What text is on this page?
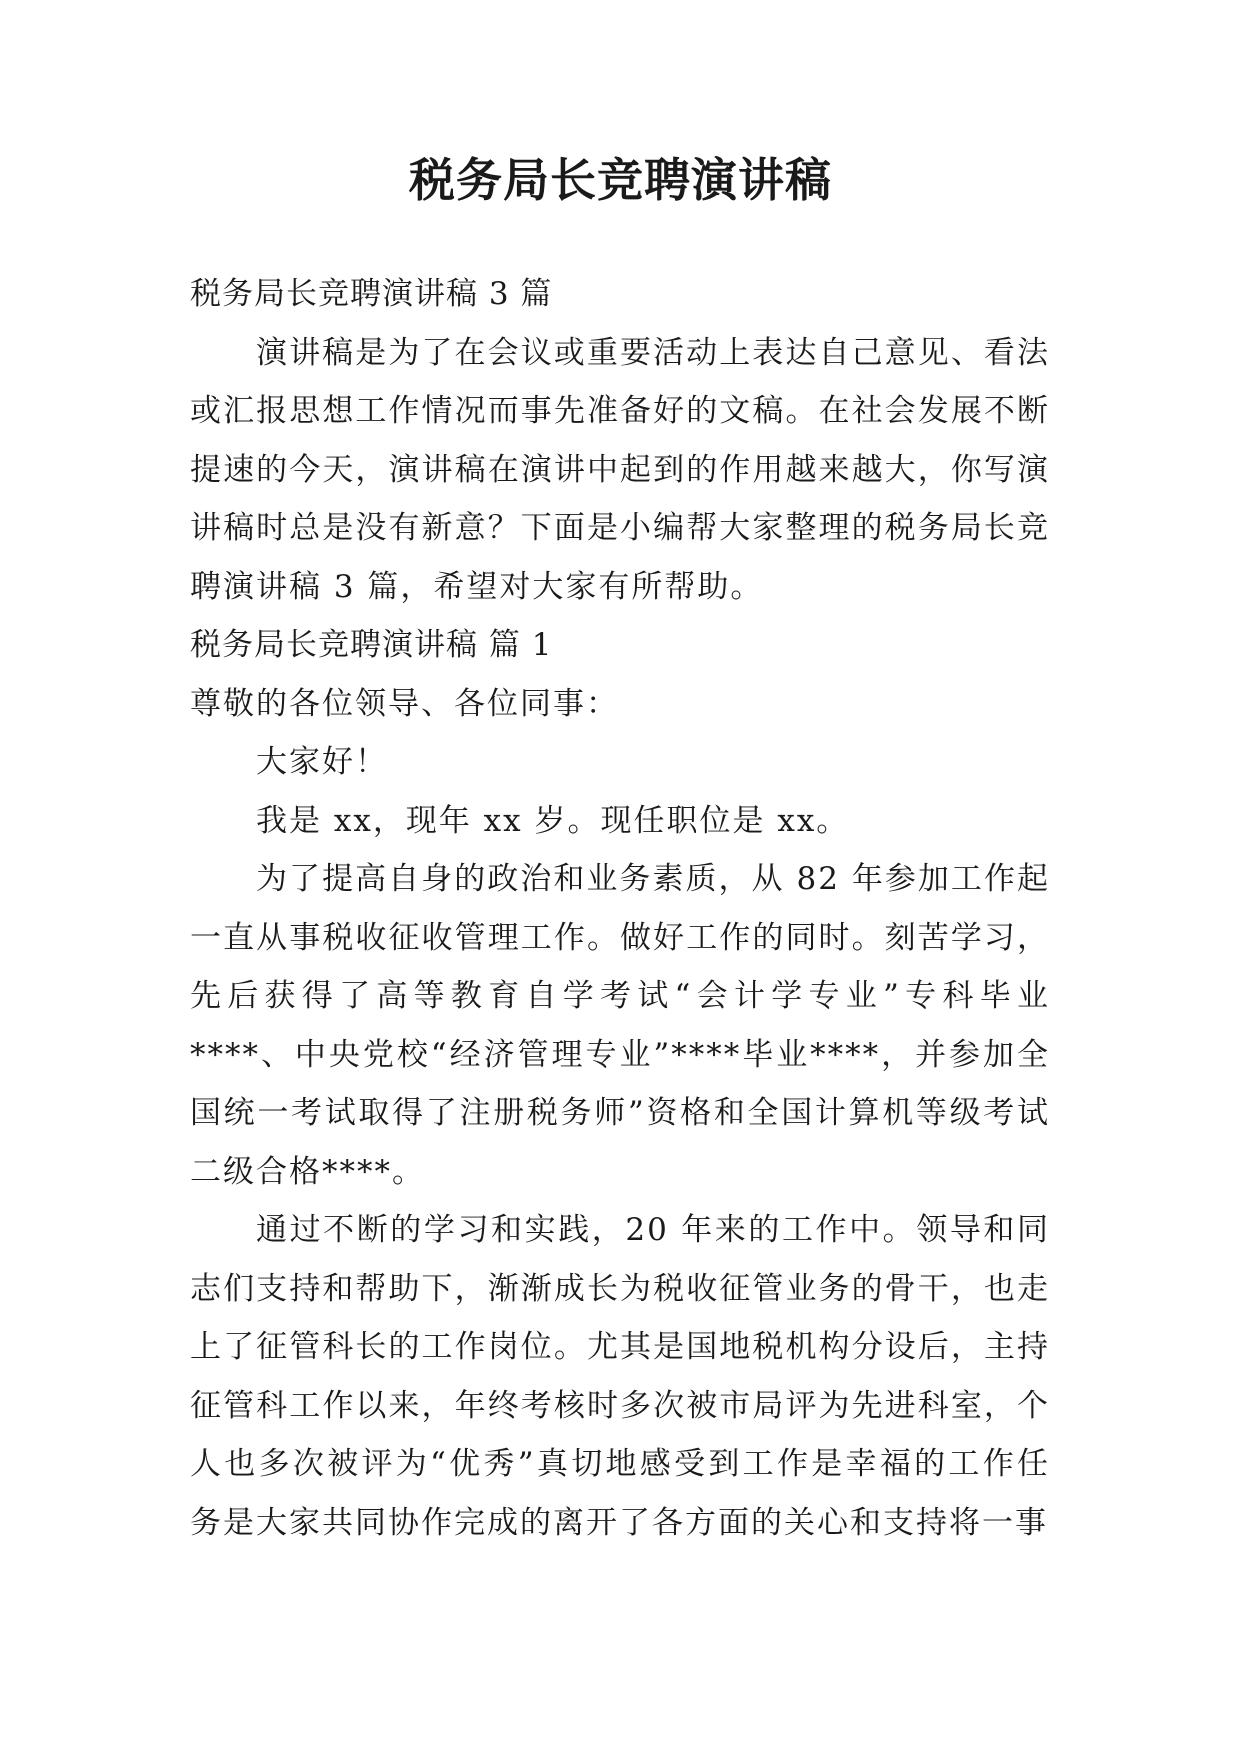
税务局长竞聘演讲稿

税务局长竞聘演讲稿 3 篇

演讲稿是为了在会议或重要活动上表达自己意见、看法或汇报思想工作情况而事先准备好的文稿。在社会发展不断提速的今天，演讲稿在演讲中起到的作用越来越大，你写演讲稿时总是没有新意？下面是小编帮大家整理的税务局长竞聘演讲稿 3 篇，希望对大家有所帮助。

税务局长竞聘演讲稿 篇 1

尊敬的各位领导、各位同事：

大家好！

我是 xx，现年 xx 岁。现任职位是 xx。

为了提高自身的政治和业务素质，从 82 年参加工作起一直从事税收征收管理工作。做好工作的同时。刻苦学习，先后获得了高等教育自学考试“会计学专业”专科毕业****、中央党校“经济管理专业”****毕业****，并参加全国统一考试取得了注册税务师”资格和全国计算机等级考试二级合格****。

通过不断的学习和实践，20 年来的工作中。领导和同志们支持和帮助下，渐渐成长为税收征管业务的骨干，也走上了征管科长的工作岗位。尤其是国地税机构分设后，主持征管科工作以来，年终考核时多次被市局评为先进科室，个人也多次被评为“优秀”真切地感受到工作是幸福的工作任务是大家共同协作完成的离开了各方面的关心和支持将一事
